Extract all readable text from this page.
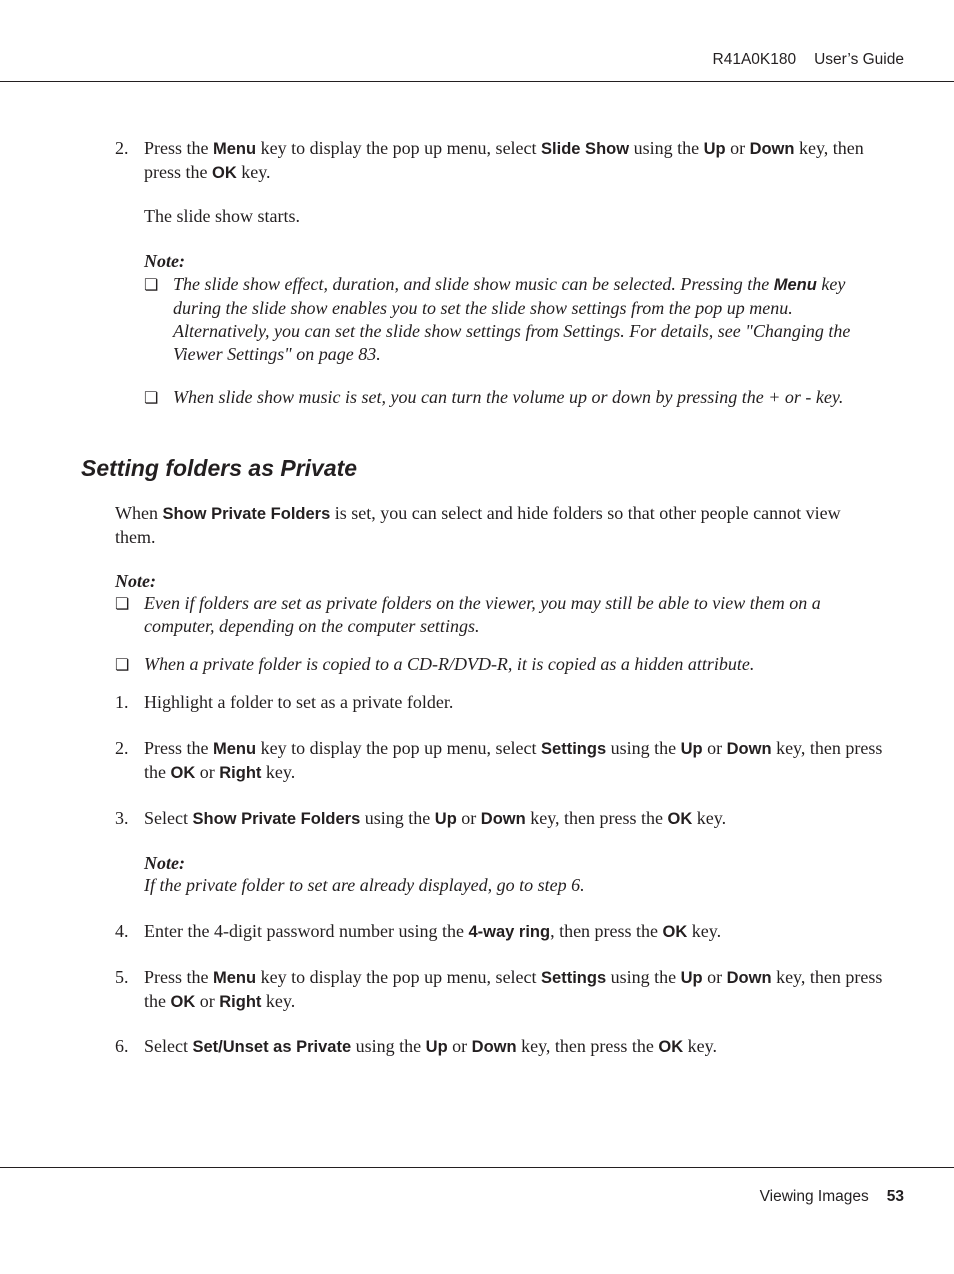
R41A0K180 User’s Guide
2. Press the Menu key to display the pop up menu, select Slide Show using the Up or Down key, then press the OK key.
The slide show starts.
Note:
❏ The slide show effect, duration, and slide show music can be selected. Pressing the Menu key during the slide show enables you to set the slide show settings from the pop up menu. Alternatively, you can set the slide show settings from Settings. For details, see "Changing the Viewer Settings" on page 83.
❏ When slide show music is set, you can turn the volume up or down by pressing the + or - key.
Setting folders as Private
When Show Private Folders is set, you can select and hide folders so that other people cannot view them.
Note:
❏ Even if folders are set as private folders on the viewer, you may still be able to view them on a computer, depending on the computer settings.
❏ When a private folder is copied to a CD-R/DVD-R, it is copied as a hidden attribute.
1. Highlight a folder to set as a private folder.
2. Press the Menu key to display the pop up menu, select Settings using the Up or Down key, then press the OK or Right key.
3. Select Show Private Folders using the Up or Down key, then press the OK key.
Note:
If the private folder to set are already displayed, go to step 6.
4. Enter the 4-digit password number using the 4-way ring, then press the OK key.
5. Press the Menu key to display the pop up menu, select Settings using the Up or Down key, then press the OK or Right key.
6. Select Set/Unset as Private using the Up or Down key, then press the OK key.
Viewing Images 53
